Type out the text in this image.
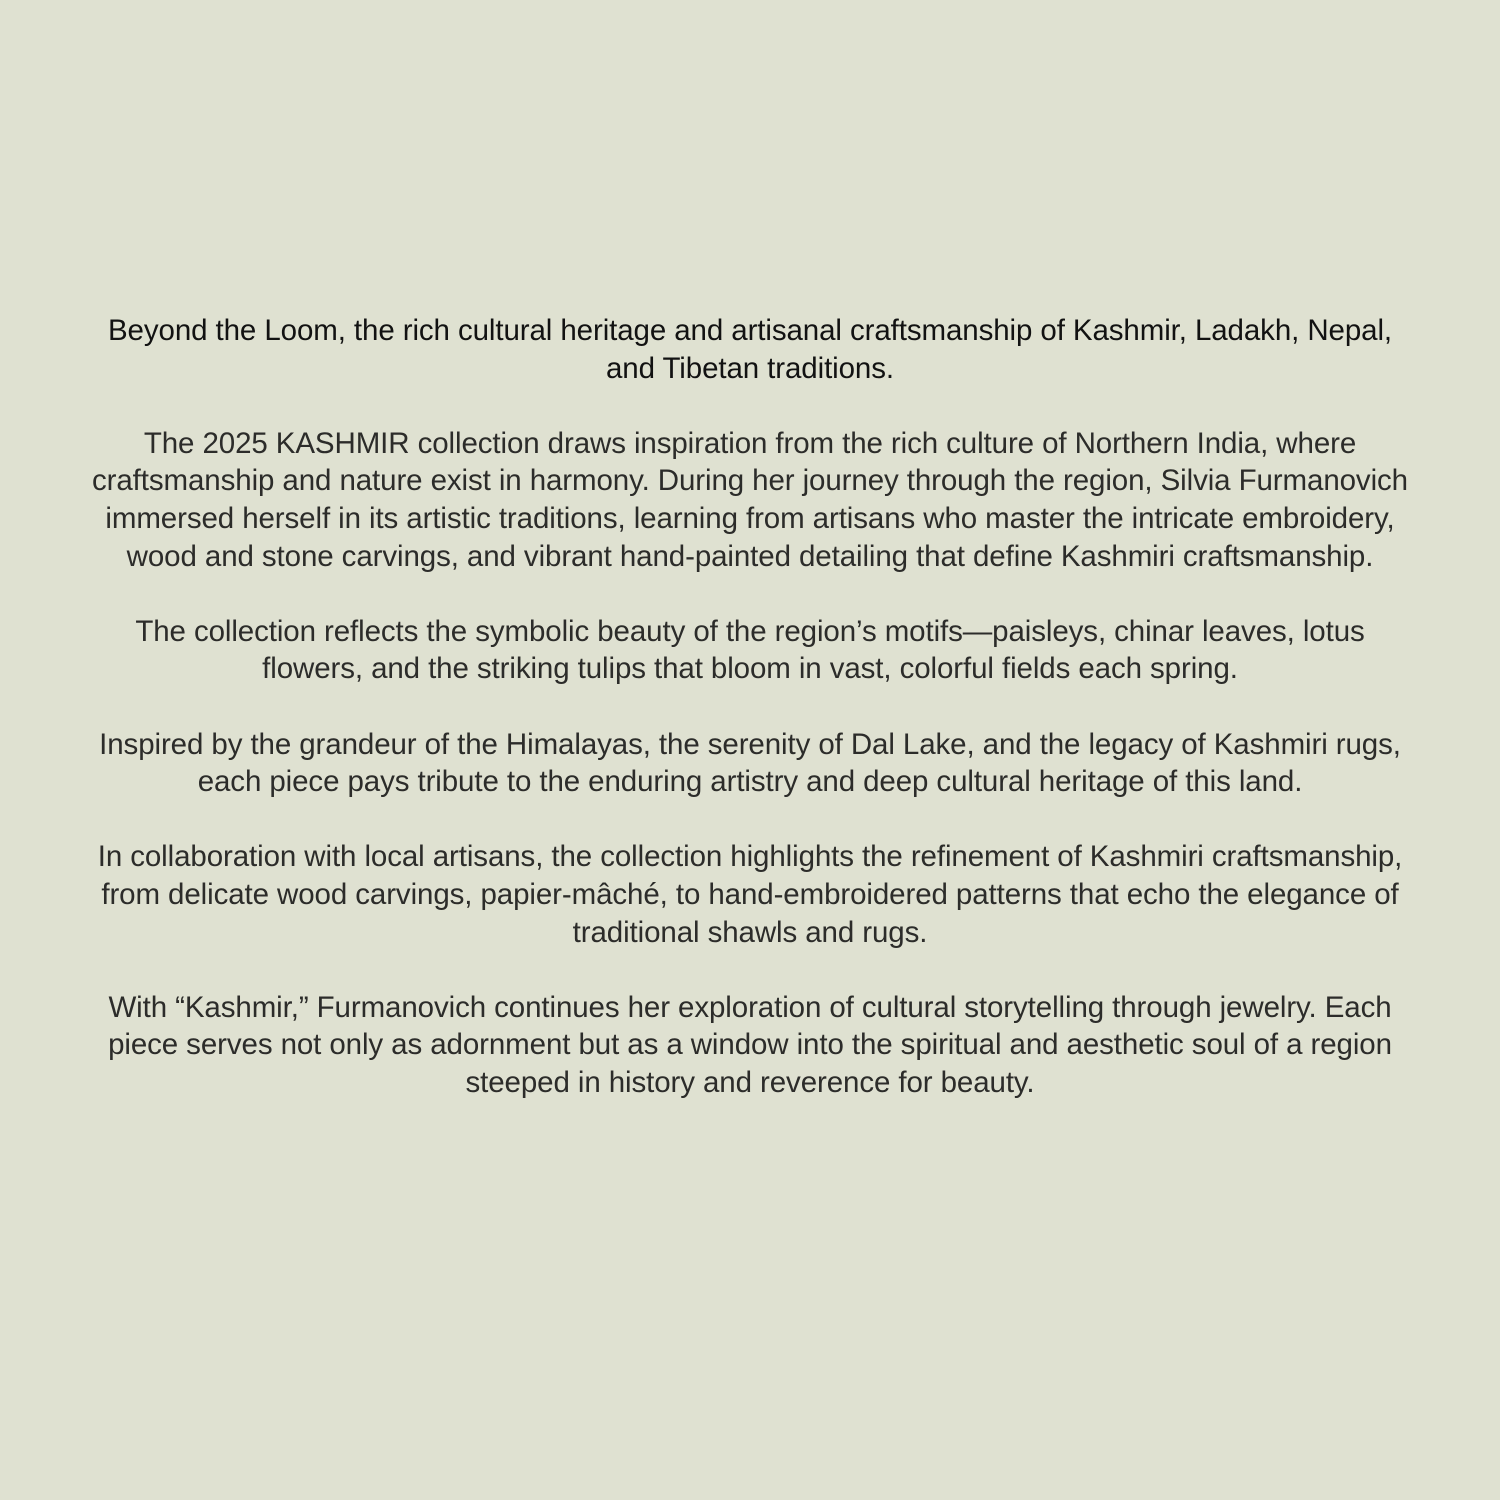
Beyond the Loom, the rich cultural heritage and artisanal craftsmanship of Kashmir, Ladakh, Nepal, and Tibetan traditions.

The 2025 KASHMIR collection draws inspiration from the rich culture of Northern India, where craftsmanship and nature exist in harmony. During her journey through the region, Silvia Furmanovich immersed herself in its artistic traditions, learning from artisans who master the intricate embroidery, wood and stone carvings, and vibrant hand-painted detailing that define Kashmiri craftsmanship.

The collection reflects the symbolic beauty of the region’s motifs—paisleys, chinar leaves, lotus flowers, and the striking tulips that bloom in vast, colorful fields each spring.

Inspired by the grandeur of the Himalayas, the serenity of Dal Lake, and the legacy of Kashmiri rugs, each piece pays tribute to the enduring artistry and deep cultural heritage of this land.

In collaboration with local artisans, the collection highlights the refinement of Kashmiri craftsmanship, from delicate wood carvings, papier-mâché, to hand-embroidered patterns that echo the elegance of traditional shawls and rugs.

With “Kashmir,” Furmanovich continues her exploration of cultural storytelling through jewelry. Each piece serves not only as adornment but as a window into the spiritual and aesthetic soul of a region steeped in history and reverence for beauty.
